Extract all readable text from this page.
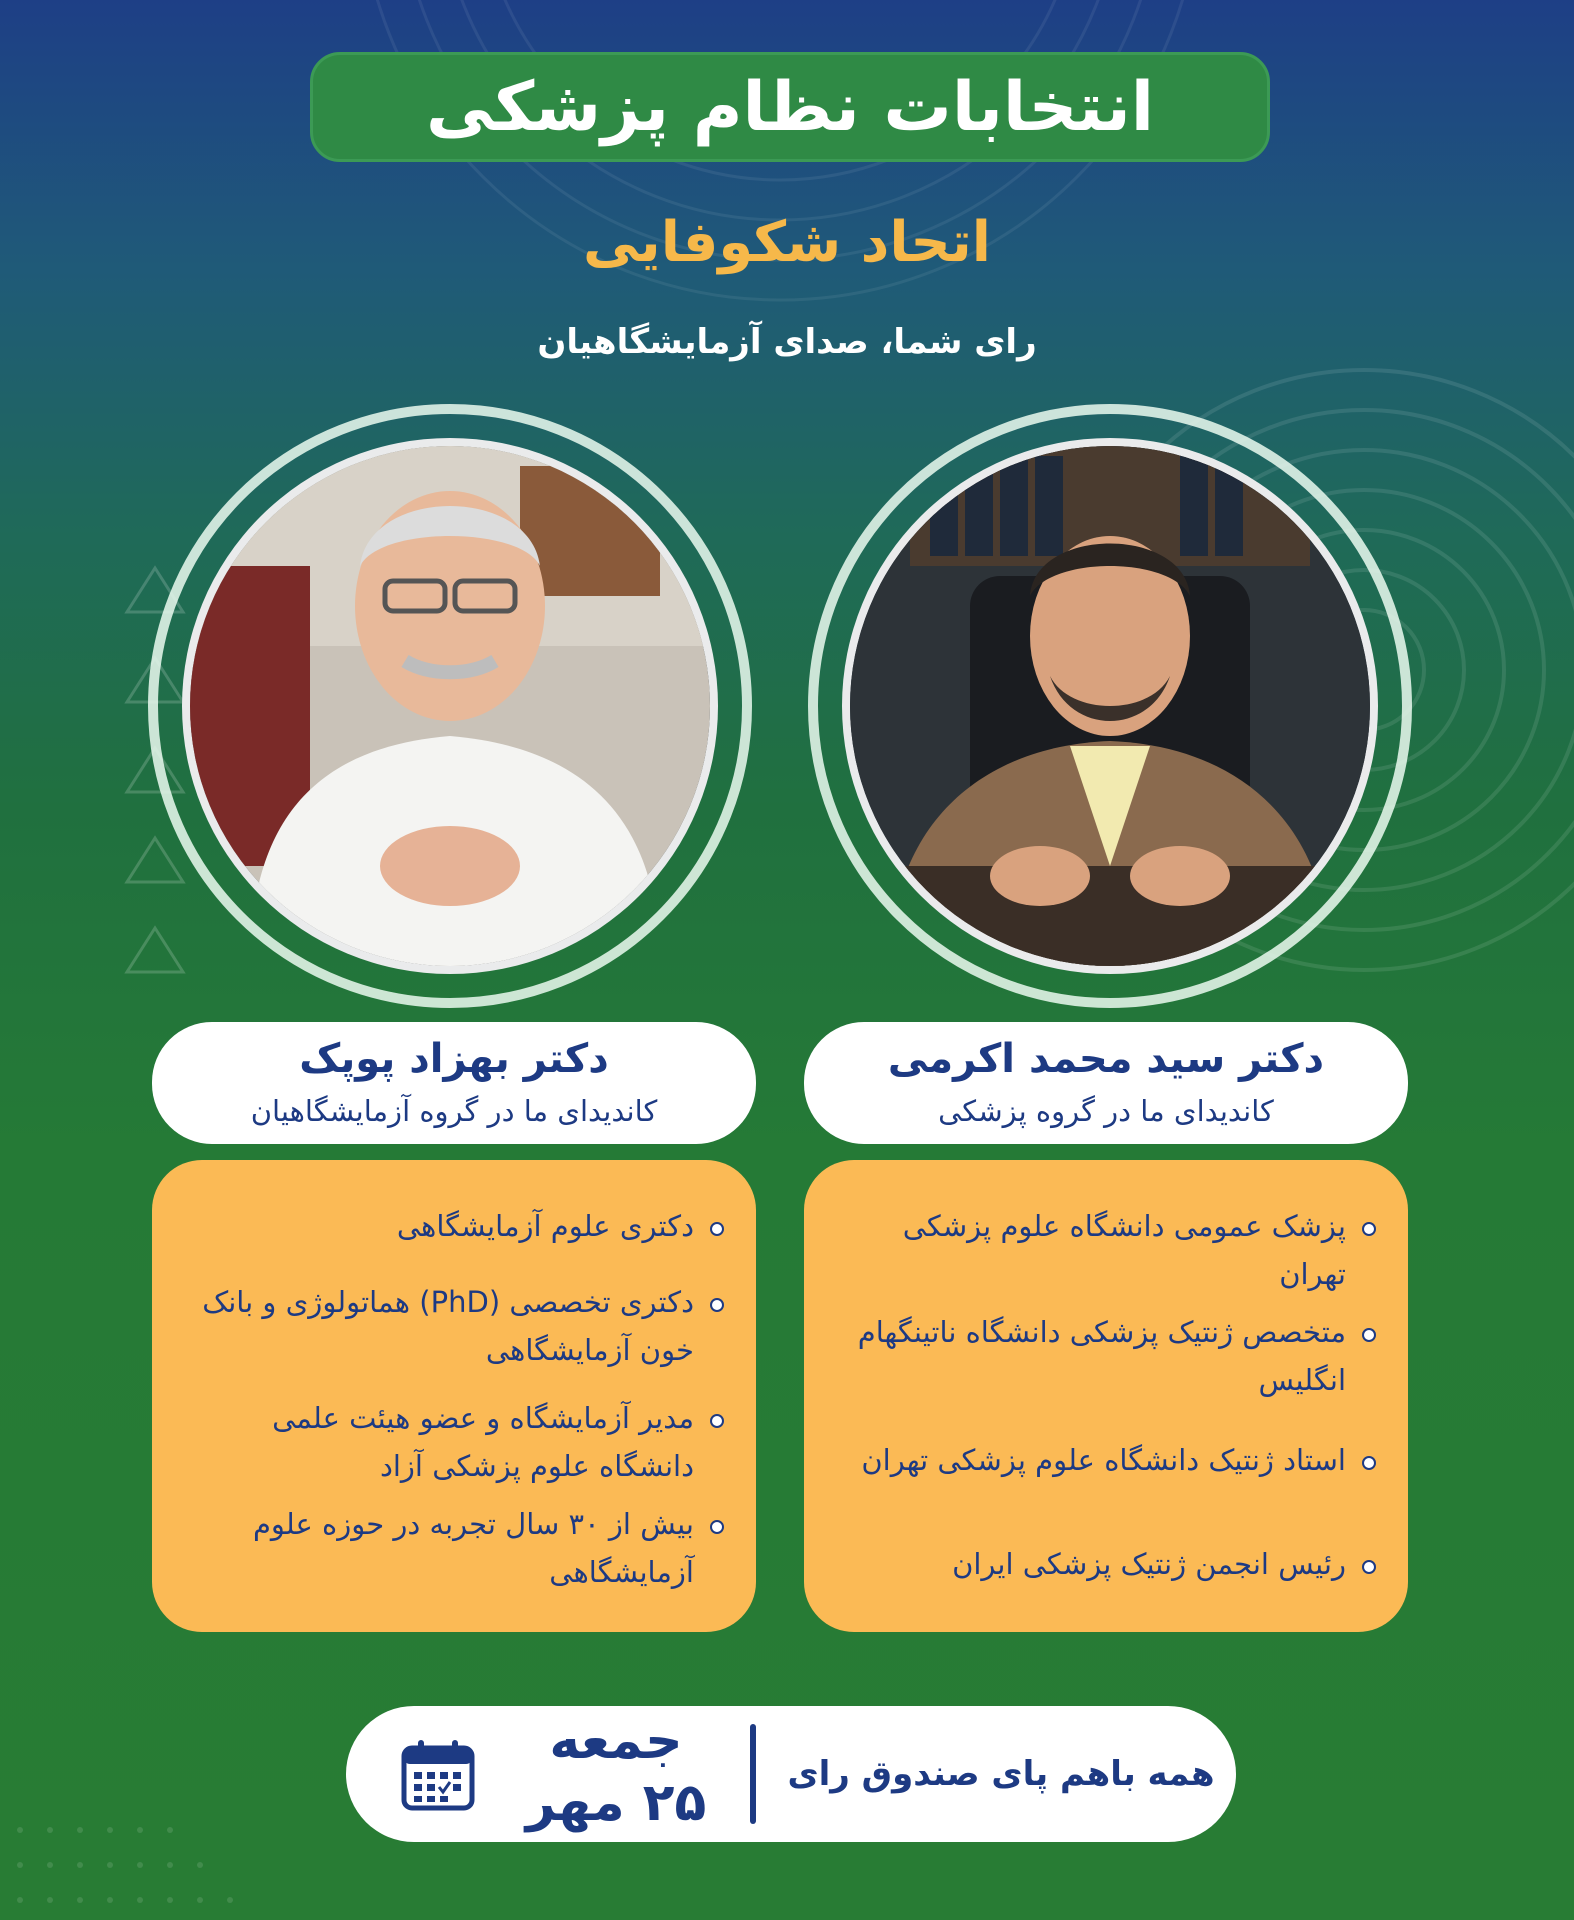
انتخابات نظام پزشکی
اتحاد شکوفایی
رای شما، صدای آزمایشگاهیان
دکتر بهزاد پوپک
کاندیدای ما در گروه آزمایشگاهیان
دکتر سید محمد اکرمی
کاندیدای ما در گروه پزشکی
دکتری علوم آزمایشگاهی
دکتری تخصصی (PhD) هماتولوژی و بانک خون آزمایشگاهی
مدیر آزمایشگاه و عضو هیئت علمی دانشگاه علوم پزشکی آزاد
بیش از ۳۰ سال تجربه در حوزه علوم آزمایشگاهی
پزشک عمومی دانشگاه علوم پزشکی تهران
متخصص ژنتیک پزشکی دانشگاه ناتینگهام انگلیس
استاد ژنتیک دانشگاه علوم پزشکی تهران
رئیس انجمن ژنتیک پزشکی ایران
همه باهم پای صندوق رای
جمعه
۲۵ مهر
